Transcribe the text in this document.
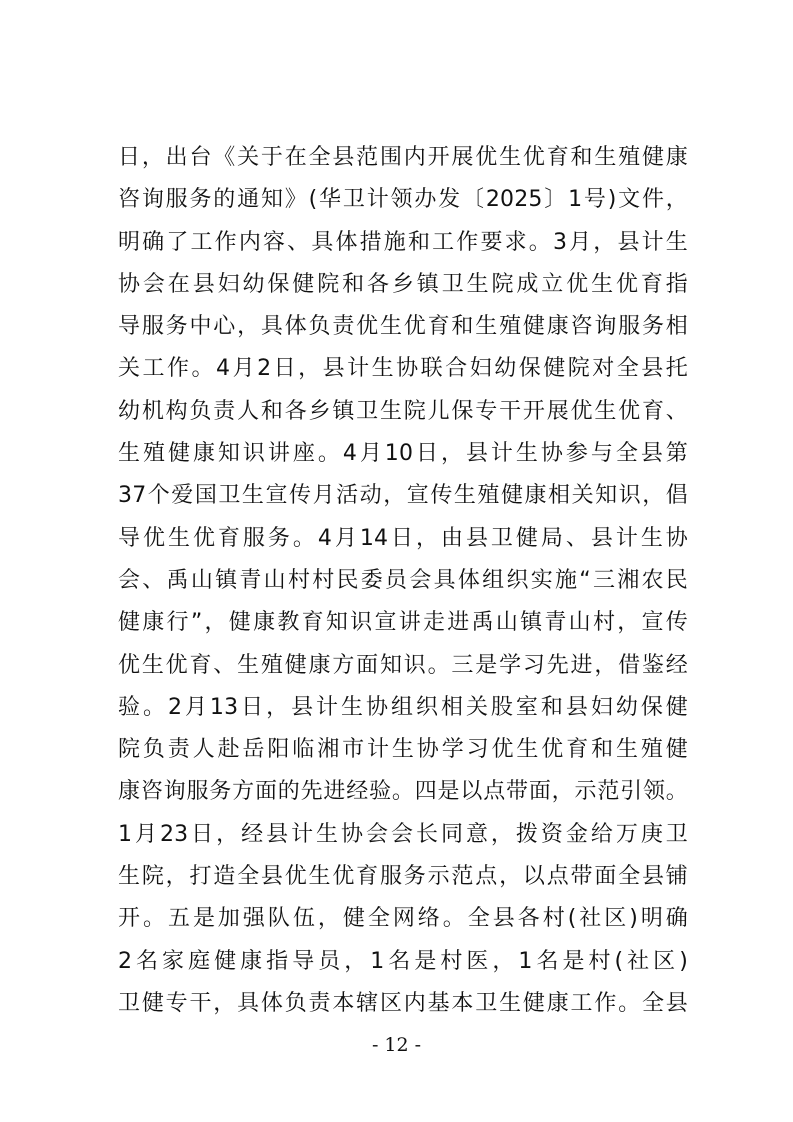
日，出台《关于在全县范围内开展优生优育和生殖健康
咨询服务的通知》(华卫计领办发〔2025〕1号)文件，
明确了工作内容、具体措施和工作要求。3月，县计生
协会在县妇幼保健院和各乡镇卫生院成立优生优育指
导服务中心，具体负责优生优育和生殖健康咨询服务相
关工作。4月2日，县计生协联合妇幼保健院对全县托
幼机构负责人和各乡镇卫生院儿保专干开展优生优育、
生殖健康知识讲座。4月10日，县计生协参与全县第
37个爱国卫生宣传月活动，宣传生殖健康相关知识，倡
导优生优育服务。4月14日，由县卫健局、县计生协
会、禹山镇青山村村民委员会具体组织实施“三湘农民
健康行”，健康教育知识宣讲走进禹山镇青山村，宣传
优生优育、生殖健康方面知识。三是学习先进，借鉴经
验。2月13日，县计生协组织相关股室和县妇幼保健
院负责人赴岳阳临湘市计生协学习优生优育和生殖健
康咨询服务方面的先进经验。四是以点带面，示范引领。
1月23日，经县计生协会会长同意，拨资金给万庚卫
生院，打造全县优生优育服务示范点，以点带面全县铺
开。五是加强队伍，健全网络。全县各村(社区)明确
2名家庭健康指导员，1名是村医，1名是村(社区)
卫健专干，具体负责本辖区内基本卫生健康工作。全县
- 12 -
